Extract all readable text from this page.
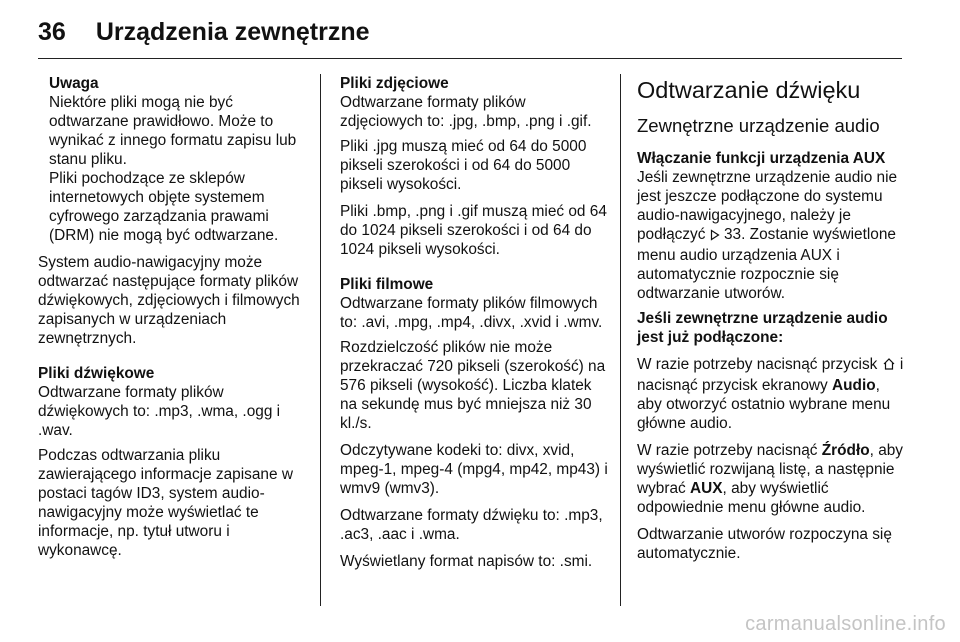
36 Urządzenia zewnętrzne

Uwaga
Niektóre pliki mogą nie być odtwarzane prawidłowo. Może to wynikać z innego formatu zapisu lub stanu pliku.

Pliki pochodzące ze sklepów internetowych objęte systemem cyfrowego zarządzania prawami (DRM) nie mogą być odtwarzane.

System audio-nawigacyjny może odtwarzać następujące formaty plików dźwiękowych, zdjęciowych i filmowych zapisanych w urządzeniach zewnętrznych.

Pliki dźwiękowe
Odtwarzane formaty plików dźwiękowych to: .mp3, .wma, .ogg i .wav.

Podczas odtwarzania pliku zawierającego informacje zapisane w postaci tagów ID3, system audio-nawigacyjny może wyświetlać te informacje, np. tytuł utworu i wykonawcę.

Pliki zdjęciowe
Odtwarzane formaty plików zdjęciowych to: .jpg, .bmp, .png i .gif.

Pliki .jpg muszą mieć od 64 do 5000 pikseli szerokości i od 64 do 5000 pikseli wysokości.

Pliki .bmp, .png i .gif muszą mieć od 64 do 1024 pikseli szerokości i od 64 do 1024 pikseli wysokości.

Pliki filmowe
Odtwarzane formaty plików filmowych to: .avi, .mpg, .mp4, .divx, .xvid i .wmv.

Rozdzielczość plików nie może przekraczać 720 pikseli (szerokość) na 576 pikseli (wysokość). Liczba klatek na sekundę mus być mniejsza niż 30 kl./s.

Odczytywane kodeki to: divx, xvid, mpeg-1, mpeg-4 (mpg4, mp42, mp43) i wmv9 (wmv3).

Odtwarzane formaty dźwięku to: .mp3, .ac3, .aac i .wma.

Wyświetlany format napisów to: .smi.

Odtwarzanie dźwięku
Zewnętrzne urządzenie audio

Włączanie funkcji urządzenia AUX
Jeśli zewnętrzne urządzenie audio nie jest jeszcze podłączone do systemu audio-nawigacyjnego, należy je podłączyć  33. Zostanie wyświetlone menu audio urządzenia AUX i automatycznie rozpocznie się odtwarzanie utworów.

Jeśli zewnętrzne urządzenie audio jest już podłączone:

W razie potrzeby nacisnąć przycisk  i nacisnąć przycisk ekranowy Audio, aby otworzyć ostatnio wybrane menu główne audio.

W razie potrzeby nacisnąć Źródło, aby wyświetlić rozwijaną listę, a następnie wybrać AUX, aby wyświetlić odpowiednie menu główne audio.

Odtwarzanie utworów rozpoczyna się automatycznie.

carmanualsonline.info
